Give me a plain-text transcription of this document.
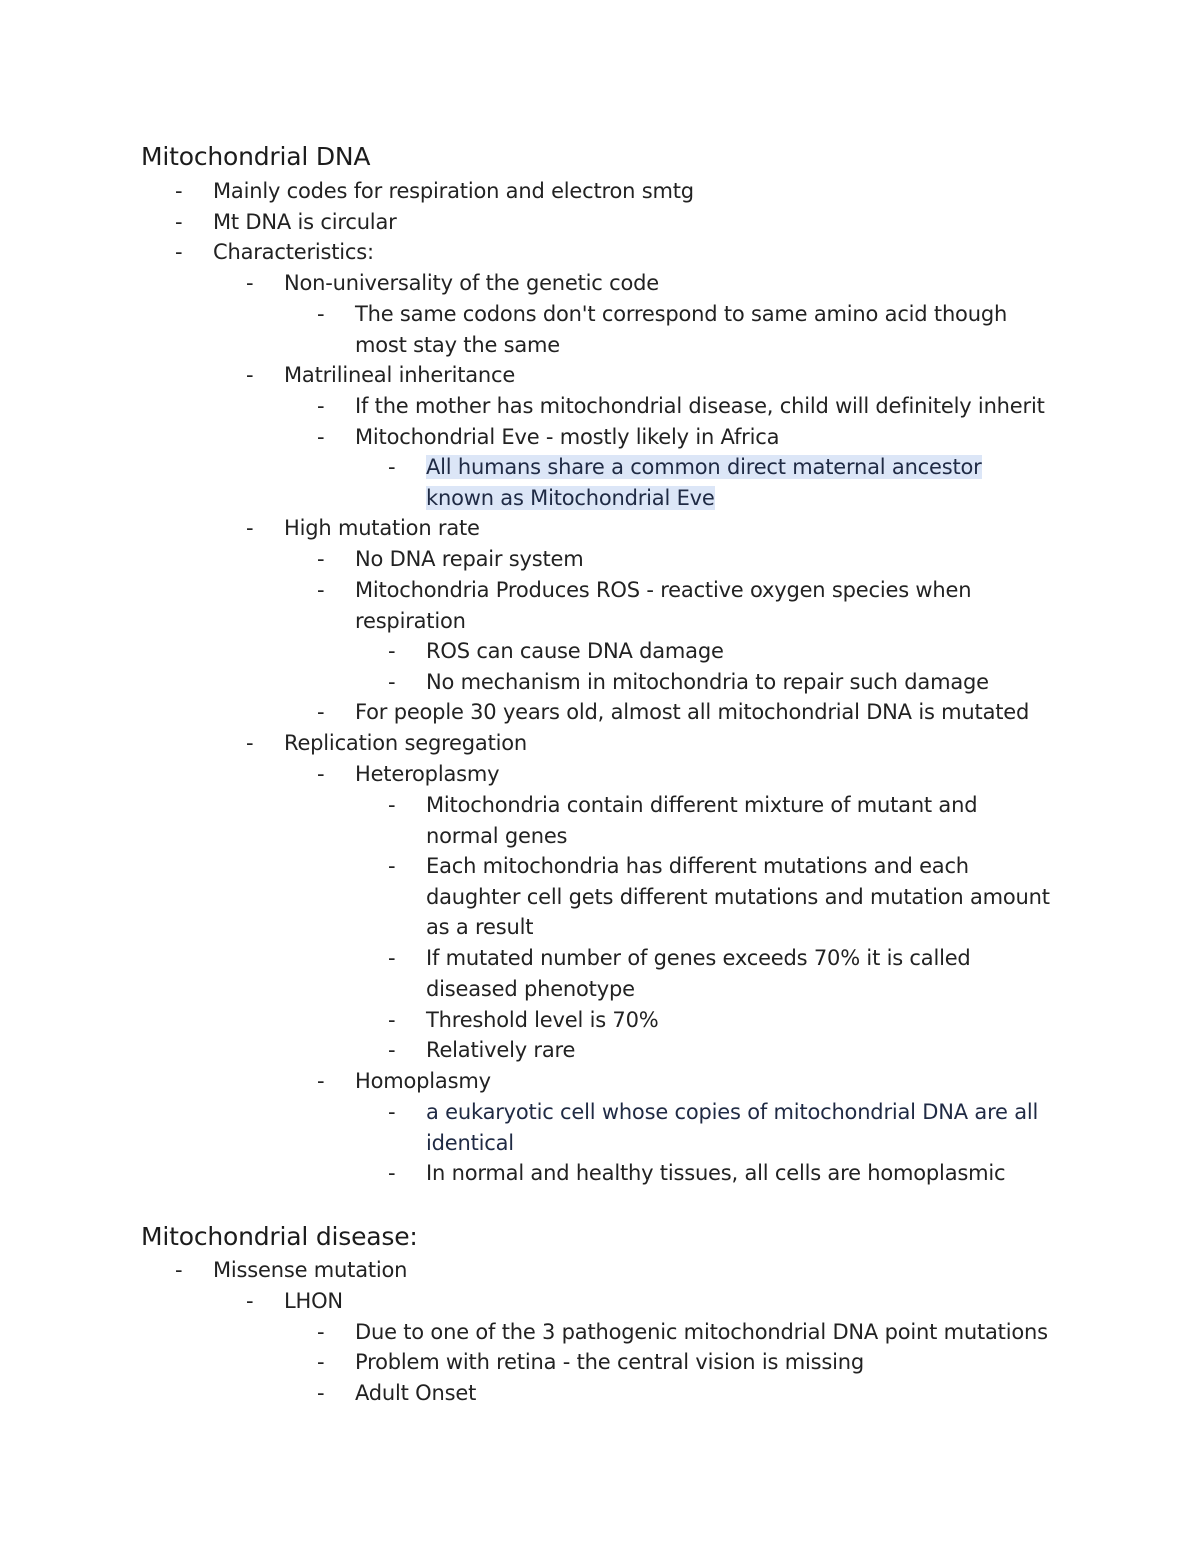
Mitochondrial DNA
- Mainly codes for respiration and electron smtg
- Mt DNA is circular
- Characteristics:
- Non-universality of the genetic code
- The same codons don't correspond to same amino acid though
most stay the same
- Matrilineal inheritance
- If the mother has mitochondrial disease, child will definitely inherit
- Mitochondrial Eve - mostly likely in Africa
- All humans share a common direct maternal ancestor
known as Mitochondrial Eve
- High mutation rate
- No DNA repair system
- Mitochondria Produces ROS - reactive oxygen species when
respiration
- ROS can cause DNA damage
- No mechanism in mitochondria to repair such damage
- For people 30 years old, almost all mitochondrial DNA is mutated
- Replication segregation
- Heteroplasmy
- Mitochondria contain different mixture of mutant and
normal genes
- Each mitochondria has different mutations and each
daughter cell gets different mutations and mutation amount
as a result
- If mutated number of genes exceeds 70% it is called
diseased phenotype
- Threshold level is 70%
- Relatively rare
- Homoplasmy
- a eukaryotic cell whose copies of mitochondrial DNA are all
identical
- In normal and healthy tissues, all cells are homoplasmic
Mitochondrial disease:
- Missense mutation
- LHON
- Due to one of the 3 pathogenic mitochondrial DNA point mutations
- Problem with retina - the central vision is missing
- Adult Onset
